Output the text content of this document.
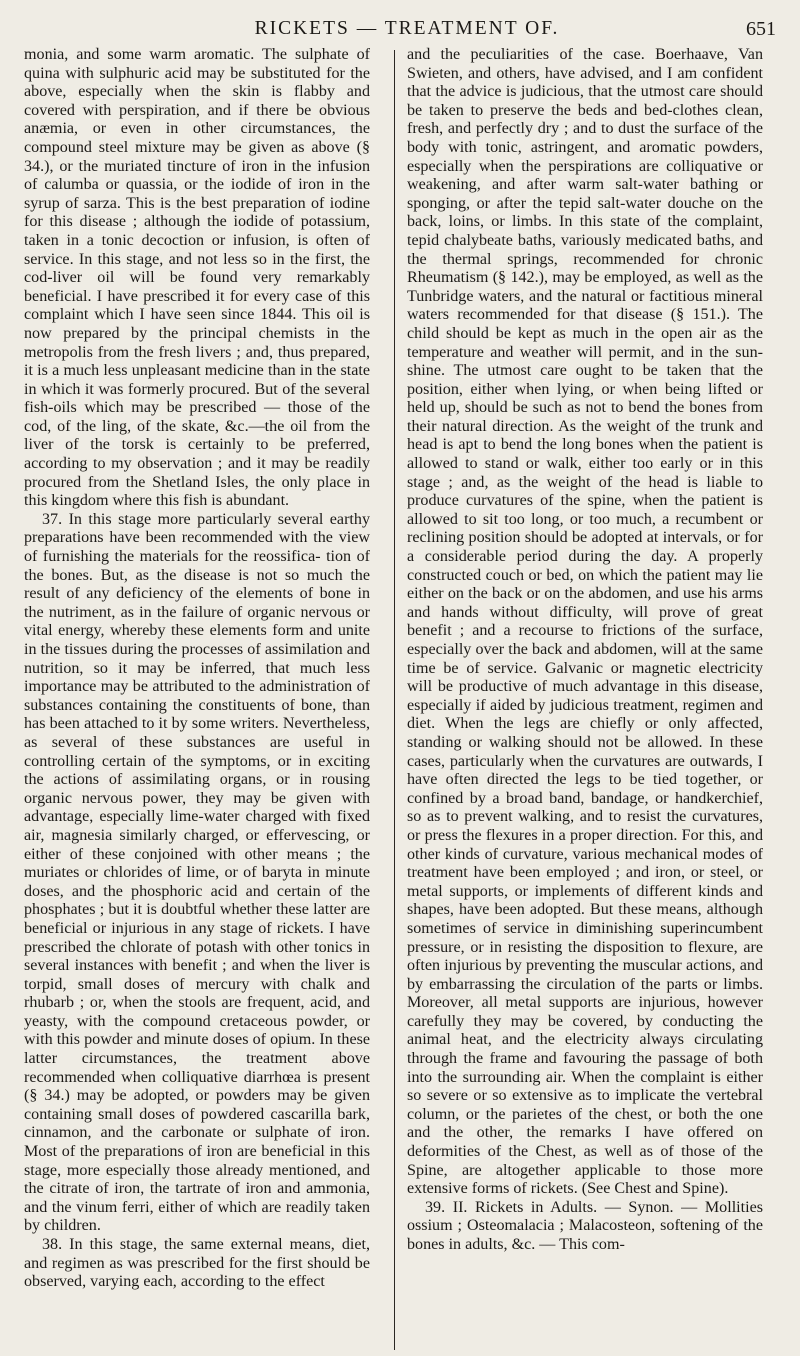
RICKETS — TREATMENT OF.	651

monia, and some warm aromatic. The sulphate of quina with sulphuric acid may be substituted for the above, especially when the skin is flabby and covered with perspiration, and if there be obvious anæmia, or even in other circumstances, the compound steel mixture may be given as above (§ 34.), or the muriated tincture of iron in the infusion of calumba or quassia, or the iodide of iron in the syrup of sarza. This is the best preparation of iodine for this disease ; although the iodide of potassium, taken in a tonic decoction or infusion, is often of service. In this stage, and not less so in the first, the cod-liver oil will be found very remarkably beneficial. I have prescribed it for every case of this complaint which I have seen since 1844. This oil is now prepared by the principal chemists in the metropolis from the fresh livers ; and, thus prepared, it is a much less unpleasant medicine than in the state in which it was formerly procured. But of the several fish-oils which may be prescribed — those of the cod, of the ling, of the skate, &c.—the oil from the liver of the torsk is certainly to be preferred, according to my observation ; and it may be readily procured from the Shetland Isles, the only place in this kingdom where this fish is abundant.

37. In this stage more particularly several earthy preparations have been recommended with the view of furnishing the materials for the reossifica- tion of the bones. But, as the disease is not so much the result of any deficiency of the elements of bone in the nutriment, as in the failure of organic nervous or vital energy, whereby these elements form and unite in the tissues during the processes of assimilation and nutrition, so it may be inferred, that much less importance may be attributed to the administration of substances containing the constituents of bone, than has been attached to it by some writers. Nevertheless, as several of these substances are useful in controlling certain of the symptoms, or in exciting the actions of assimilating organs, or in rousing organic nervous power, they may be given with advantage, especially lime-water charged with fixed air, magnesia similarly charged, or effervescing, or either of these conjoined with other means ; the muriates or chlorides of lime, or of baryta in minute doses, and the phosphoric acid and certain of the phosphates ; but it is doubtful whether these latter are beneficial or injurious in any stage of rickets. I have prescribed the chlorate of potash with other tonics in several instances with benefit ; and when the liver is torpid, small doses of mercury with chalk and rhubarb ; or, when the stools are frequent, acid, and yeasty, with the compound cretaceous powder, or with this powder and minute doses of opium. In these latter circumstances, the treatment above recommended when colliquative diarrhœa is present (§ 34.) may be adopted, or powders may be given containing small doses of powdered cascarilla bark, cinnamon, and the carbonate or sulphate of iron. Most of the preparations of iron are beneficial in this stage, more especially those already mentioned, and the citrate of iron, the tartrate of iron and ammonia, and the vinum ferri, either of which are readily taken by children.

38. In this stage, the same external means, diet, and regimen as was prescribed for the first should be observed, varying each, according to the effect

and the peculiarities of the case. Boerhaave, Van Swieten, and others, have advised, and I am confident that the advice is judicious, that the utmost care should be taken to preserve the beds and bed-clothes clean, fresh, and perfectly dry ; and to dust the surface of the body with tonic, astringent, and aromatic powders, especially when the perspirations are colliquative or weakening, and after warm salt-water bathing or sponging, or after the tepid salt-water douche on the back, loins, or limbs. In this state of the complaint, tepid chalybeate baths, variously medicated baths, and the thermal springs, recommended for chronic Rheumatism (§ 142.), may be employed, as well as the Tunbridge waters, and the natural or factitious mineral waters recommended for that disease (§ 151.). The child should be kept as much in the open air as the temperature and weather will permit, and in the sun-shine. The utmost care ought to be taken that the position, either when lying, or when being lifted or held up, should be such as not to bend the bones from their natural direction. As the weight of the trunk and head is apt to bend the long bones when the patient is allowed to stand or walk, either too early or in this stage ; and, as the weight of the head is liable to produce curvatures of the spine, when the patient is allowed to sit too long, or too much, a recumbent or reclining position should be adopted at intervals, or for a considerable period during the day. A properly constructed couch or bed, on which the patient may lie either on the back or on the abdomen, and use his arms and hands without difficulty, will prove of great benefit ; and a recourse to frictions of the surface, especially over the back and abdomen, will at the same time be of service. Galvanic or magnetic electricity will be productive of much advantage in this disease, especially if aided by judicious treatment, regimen and diet. When the legs are chiefly or only affected, standing or walking should not be allowed. In these cases, particularly when the curvatures are outwards, I have often directed the legs to be tied together, or confined by a broad band, bandage, or handkerchief, so as to prevent walking, and to resist the curvatures, or press the flexures in a proper direction. For this, and other kinds of curvature, various mechanical modes of treatment have been employed ; and iron, or steel, or metal supports, or implements of different kinds and shapes, have been adopted. But these means, although sometimes of service in diminishing superincumbent pressure, or in resisting the disposition to flexure, are often injurious by preventing the muscular actions, and by embarrassing the circulation of the parts or limbs. Moreover, all metal supports are injurious, however carefully they may be covered, by conducting the animal heat, and the electricity always circulating through the frame and favouring the passage of both into the surrounding air. When the complaint is either so severe or so extensive as to implicate the vertebral column, or the parietes of the chest, or both the one and the other, the remarks I have offered on deformities of the Chest, as well as of those of the Spine, are altogether applicable to those more extensive forms of rickets. (See Chest and Spine).

39. II. Rickets in Adults. — Synon. — Mollities ossium ; Osteomalacia ; Malacosteon, softening of the bones in adults, &c. — This com-
